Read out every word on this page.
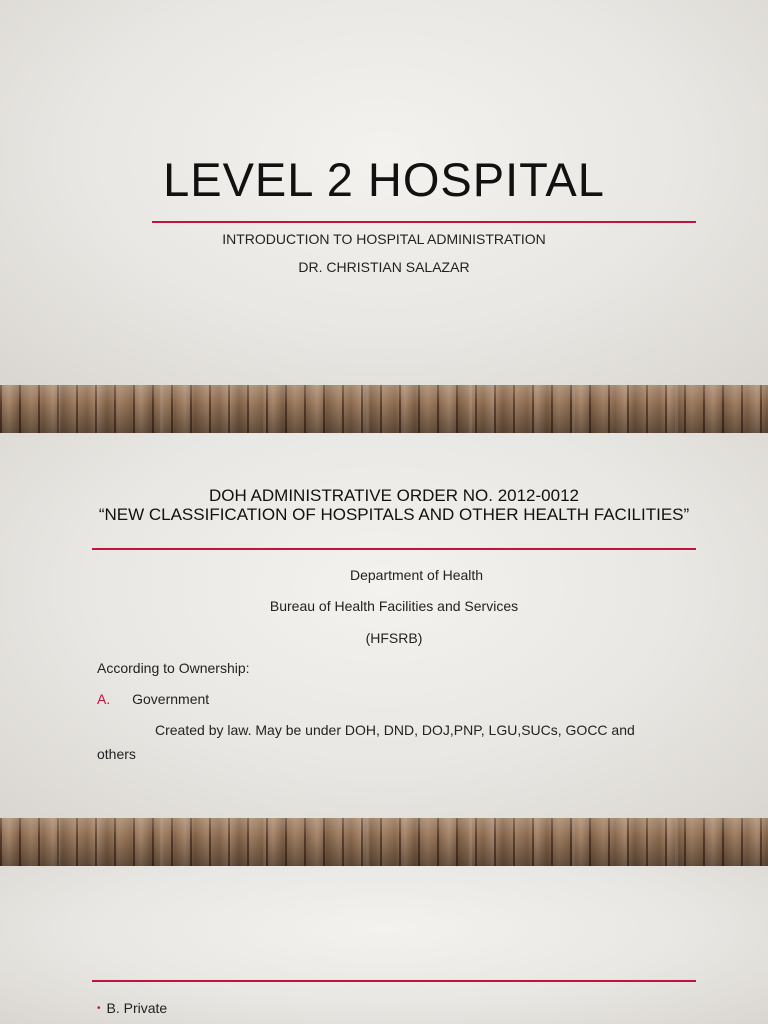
LEVEL 2 HOSPITAL
INTRODUCTION TO HOSPITAL ADMINISTRATION
DR. CHRISTIAN SALAZAR
DOH ADMINISTRATIVE ORDER NO. 2012-0012
“NEW CLASSIFICATION OF HOSPITALS AND OTHER HEALTH FACILITIES”
Department of Health
Bureau of Health Facilities and Services
(HFSRB)
According to Ownership:
A. Government
Created by law. May be under DOH, DND, DOJ,PNP, LGU,SUCs, GOCC and
others
• B. Private
